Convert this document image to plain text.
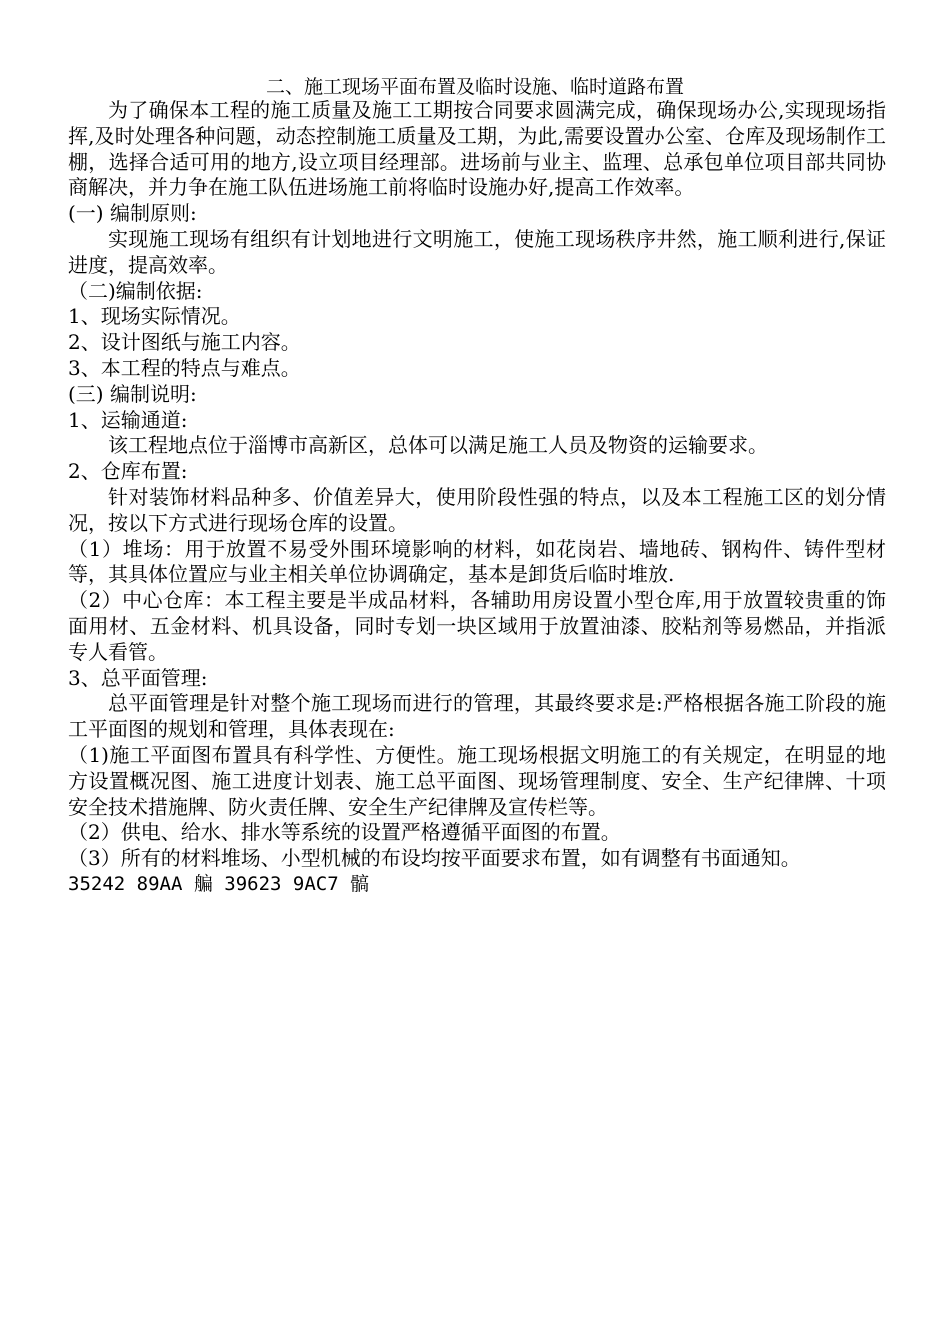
二、施工现场平面布置及临时设施、临时道路布置

为了确保本工程的施工质量及施工工期按合同要求圆满完成，确保现场办公,实现现场指挥,及时处理各种问题，动态控制施工质量及工期，为此,需要设置办公室、仓库及现场制作工棚，选择合适可用的地方,设立项目经理部。进场前与业主、监理、总承包单位项目部共同协商解决，并力争在施工队伍进场施工前将临时设施办好,提高工作效率。

(一) 编制原则:

实现施工现场有组织有计划地进行文明施工，使施工现场秩序井然，施工顺利进行,保证进度，提高效率。

（二)编制依据:

1、现场实际情况。

2、设计图纸与施工内容。

3、本工程的特点与难点。

(三) 编制说明:

1、运输通道:

该工程地点位于淄博市高新区，总体可以满足施工人员及物资的运输要求。

2、仓库布置:

针对装饰材料品种多、价值差异大，使用阶段性强的特点，以及本工程施工区的划分情况，按以下方式进行现场仓库的设置。

（1）堆场：用于放置不易受外围环境影响的材料，如花岗岩、墙地砖、钢构件、铸件型材等，其具体位置应与业主相关单位协调确定，基本是卸货后临时堆放.

（2）中心仓库：本工程主要是半成品材料，各辅助用房设置小型仓库,用于放置较贵重的饰面用材、五金材料、机具设备，同时专划一块区域用于放置油漆、胶粘剂等易燃品，并指派专人看管。

3、总平面管理:

总平面管理是针对整个施工现场而进行的管理，其最终要求是:严格根据各施工阶段的施工平面图的规划和管理，具体表现在:

（1)施工平面图布置具有科学性、方便性。施工现场根据文明施工的有关规定，在明显的地方设置概况图、施工进度计划表、施工总平面图、现场管理制度、安全、生产纪律牌、十项安全技术措施牌、防火责任牌、安全生产纪律牌及宣传栏等。

（2）供电、给水、排水等系统的设置严格遵循平面图的布置。

（3）所有的材料堆场、小型机械的布设均按平面要求布置，如有调整有书面通知。

35242 89AA 艑 39623 9AC7 髇
